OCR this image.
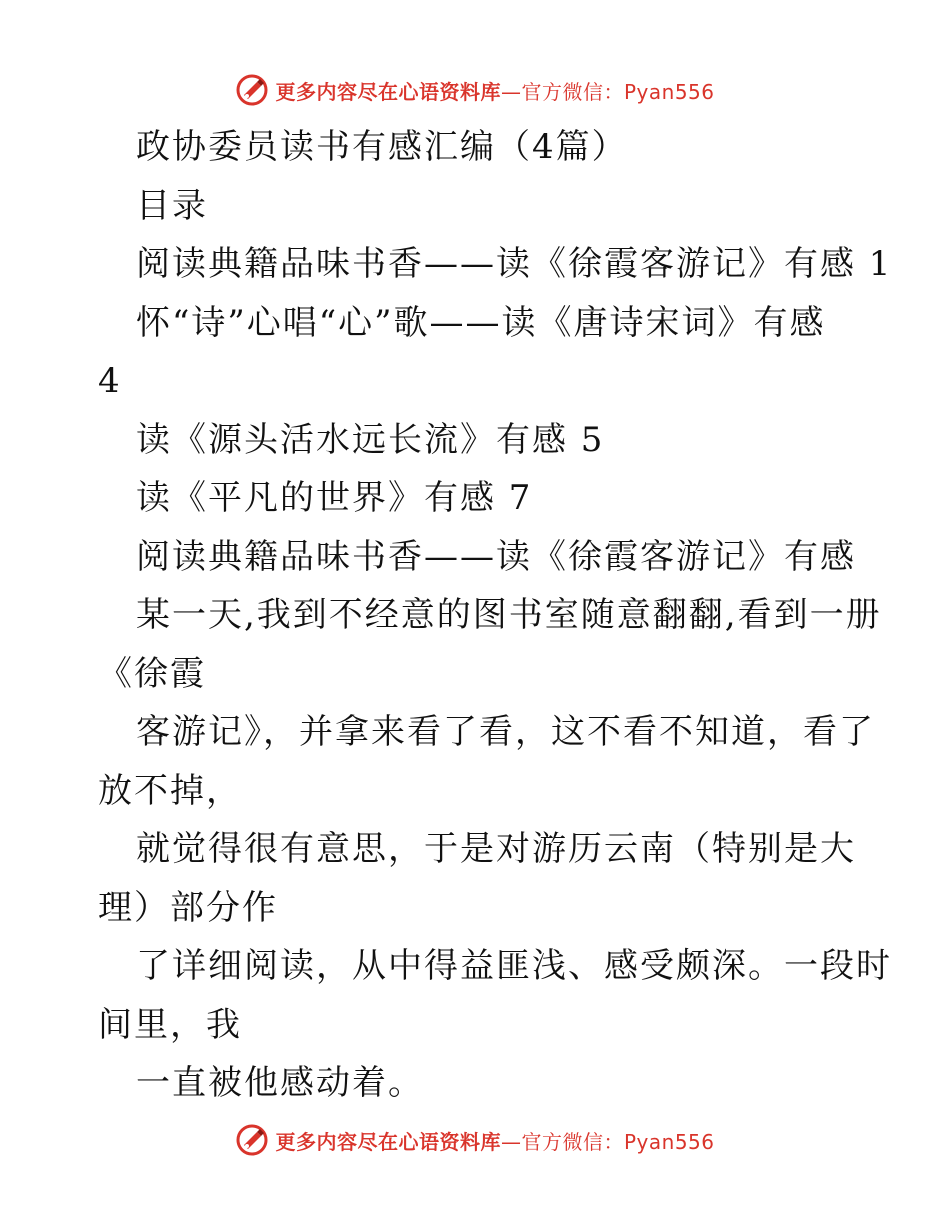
更多内容尽在心语资料库—官方微信：Pyan556
政协委员读书有感汇编（4篇）
目录
阅读典籍品味书香——读《徐霞客游记》有感 1
怀“诗”心唱“心”歌——读《唐诗宋词》有感
4
读《源头活水远长流》有感 5
读《平凡的世界》有感 7
阅读典籍品味书香——读《徐霞客游记》有感
某一天,我到不经意的图书室随意翻翻,看到一册
《徐霞
客游记》，并拿来看了看，这不看不知道，看了
放不掉，
就觉得很有意思，于是对游历云南（特别是大
理）部分作
了详细阅读，从中得益匪浅、感受颇深。一段时
间里，我
一直被他感动着。
更多内容尽在心语资料库—官方微信：Pyan556
